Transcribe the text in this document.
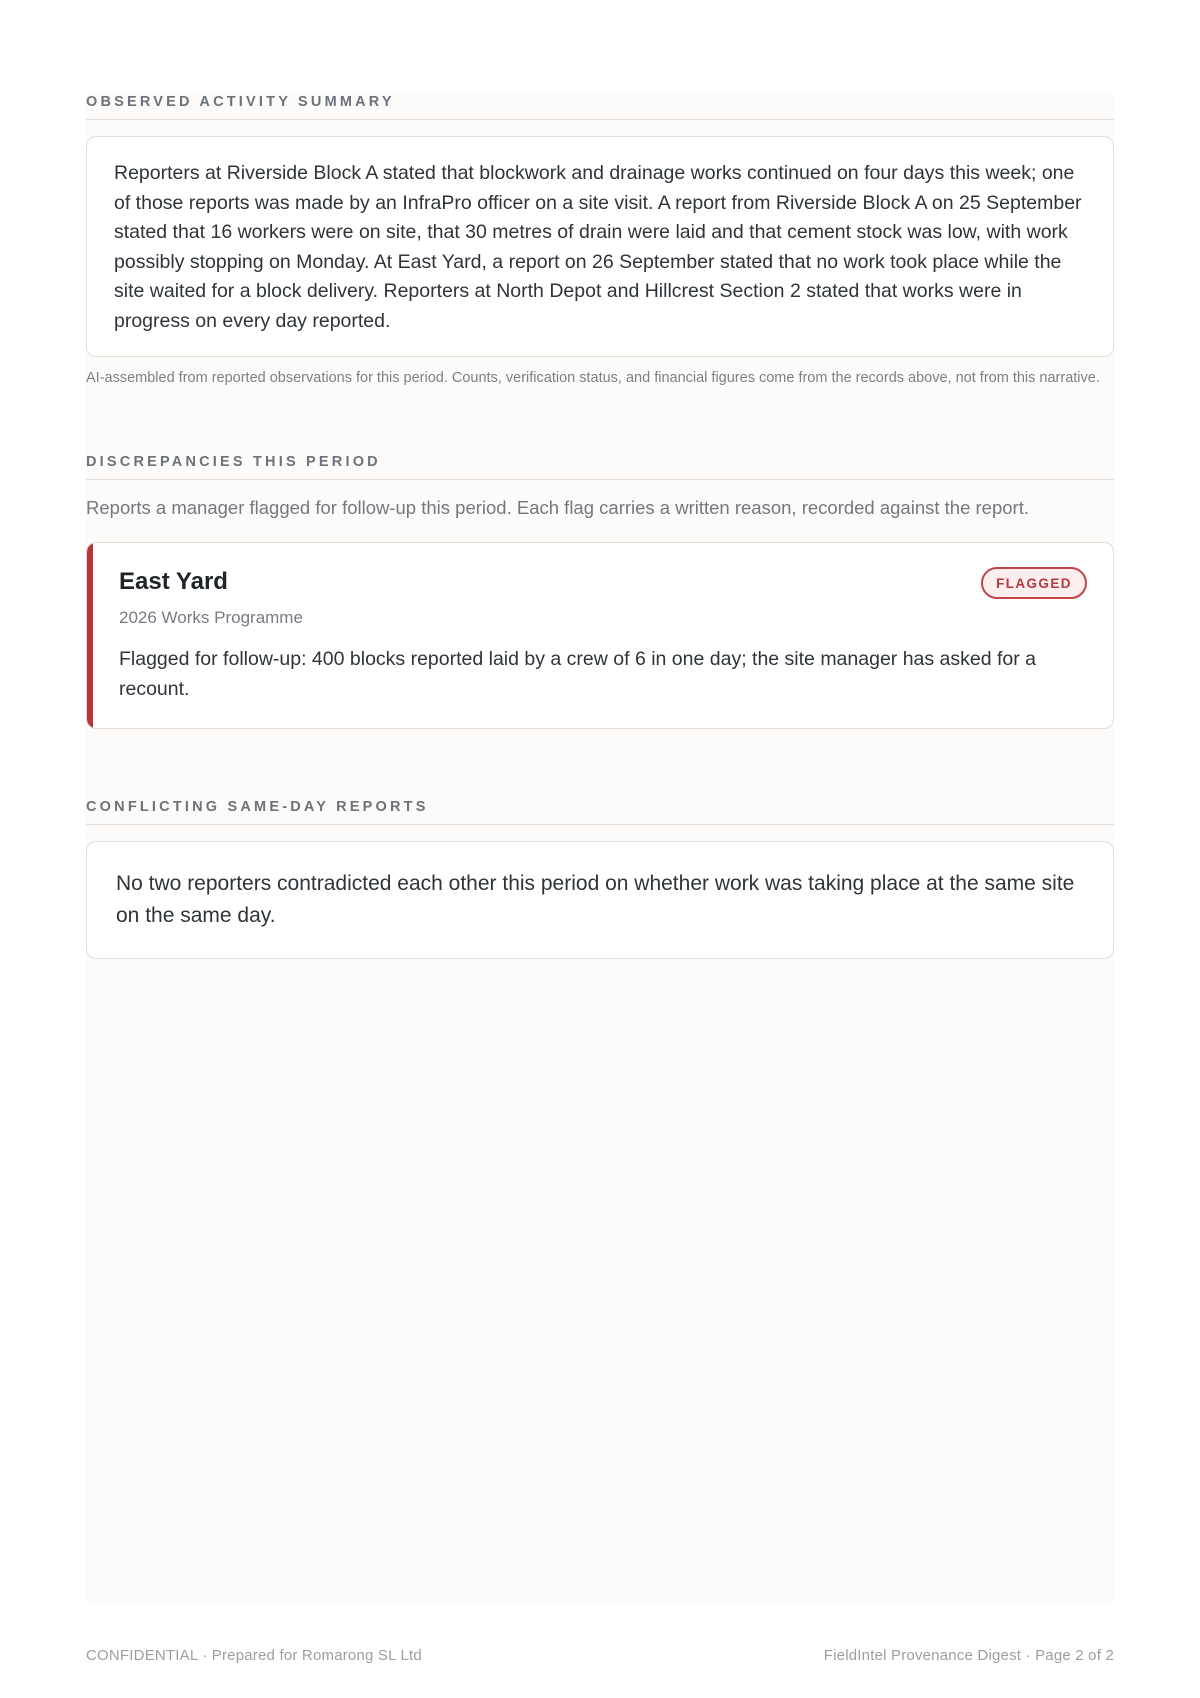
OBSERVED ACTIVITY SUMMARY
Reporters at Riverside Block A stated that blockwork and drainage works continued on four days this week; one of those reports was made by an InfraPro officer on a site visit. A report from Riverside Block A on 25 September stated that 16 workers were on site, that 30 metres of drain were laid and that cement stock was low, with work possibly stopping on Monday. At East Yard, a report on 26 September stated that no work took place while the site waited for a block delivery. Reporters at North Depot and Hillcrest Section 2 stated that works were in progress on every day reported.
AI-assembled from reported observations for this period. Counts, verification status, and financial figures come from the records above, not from this narrative.
DISCREPANCIES THIS PERIOD
Reports a manager flagged for follow-up this period. Each flag carries a written reason, recorded against the report.
East Yard
2026 Works Programme
Flagged for follow-up: 400 blocks reported laid by a crew of 6 in one day; the site manager has asked for a recount.
FLAGGED
CONFLICTING SAME-DAY REPORTS
No two reporters contradicted each other this period on whether work was taking place at the same site on the same day.
CONFIDENTIAL · Prepared for Romarong SL Ltd	FieldIntel Provenance Digest · Page 2 of 2
